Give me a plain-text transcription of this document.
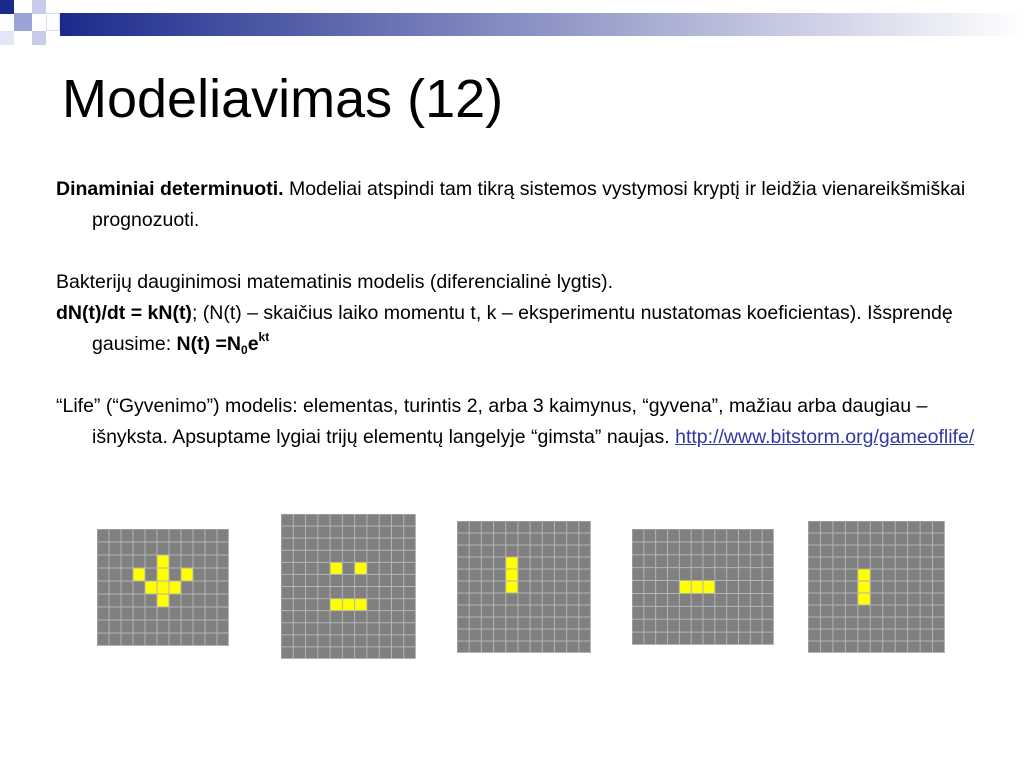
Modeliavimas (12)

Dinaminiai determinuoti. Modeliai atspindi tam tikrą sistemos vystymosi kryptį ir leidžia vienareikšmiškai prognozuoti.

Bakterijų dauginimosi matematinis modelis (diferencialinė lygtis).

dN(t)/dt = kN(t); (N(t) – skaičius laiko momentu t, k – eksperimentu nustatomas koeficientas). Išsprendę gausime: $N(t) =N_0e^{kt}$

“Life” (“Gyvenimo”) modelis: elementas, turintis 2, arba 3 kaimynus, “gyvena”, mažiau arba daugiau – išnyksta. Apsuptame lygiai trijų elementų langelyje “gimsta” naujas. http://www.bitstorm.org/gameoflife/
